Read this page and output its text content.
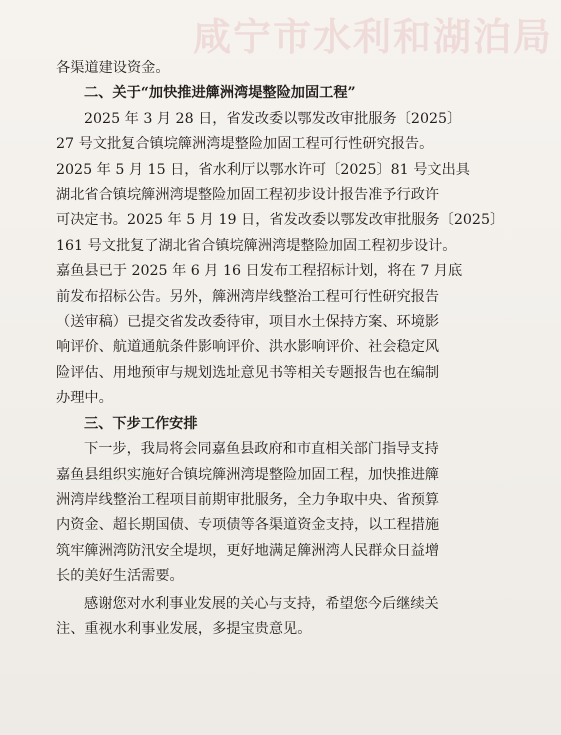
咸宁市水利和湖泊局
各渠道建设资金。
二、关于“加快推进簰洲湾堤整险加固工程”
2025 年 3 月 28 日，省发改委以鄂发改审批服务〔2025〕
27 号文批复合镇垸簰洲湾堤整险加固工程可行性研究报告。
2025 年 5 月 15 日，省水利厅以鄂水许可〔2025〕81 号文出具
湖北省合镇垸簰洲湾堤整险加固工程初步设计报告准予行政许
可决定书。2025 年 5 月 19 日，省发改委以鄂发改审批服务〔2025〕
161 号文批复了湖北省合镇垸簰洲湾堤整险加固工程初步设计。
嘉鱼县已于 2025 年 6 月 16 日发布工程招标计划，将在 7 月底
前发布招标公告。另外，簰洲湾岸线整治工程可行性研究报告
（送审稿）已提交省发改委待审，项目水土保持方案、环境影
响评价、航道通航条件影响评价、洪水影响评价、社会稳定风
险评估、用地预审与规划选址意见书等相关专题报告也在编制
办理中。
三、下步工作安排
下一步，我局将会同嘉鱼县政府和市直相关部门指导支持
嘉鱼县组织实施好合镇垸簰洲湾堤整险加固工程，加快推进簰
洲湾岸线整治工程项目前期审批服务，全力争取中央、省预算
内资金、超长期国债、专项债等各渠道资金支持，以工程措施
筑牢簰洲湾防汛安全堤坝，更好地满足簰洲湾人民群众日益增
长的美好生活需要。
感谢您对水利事业发展的关心与支持，希望您今后继续关
注、重视水利事业发展，多提宝贵意见。
